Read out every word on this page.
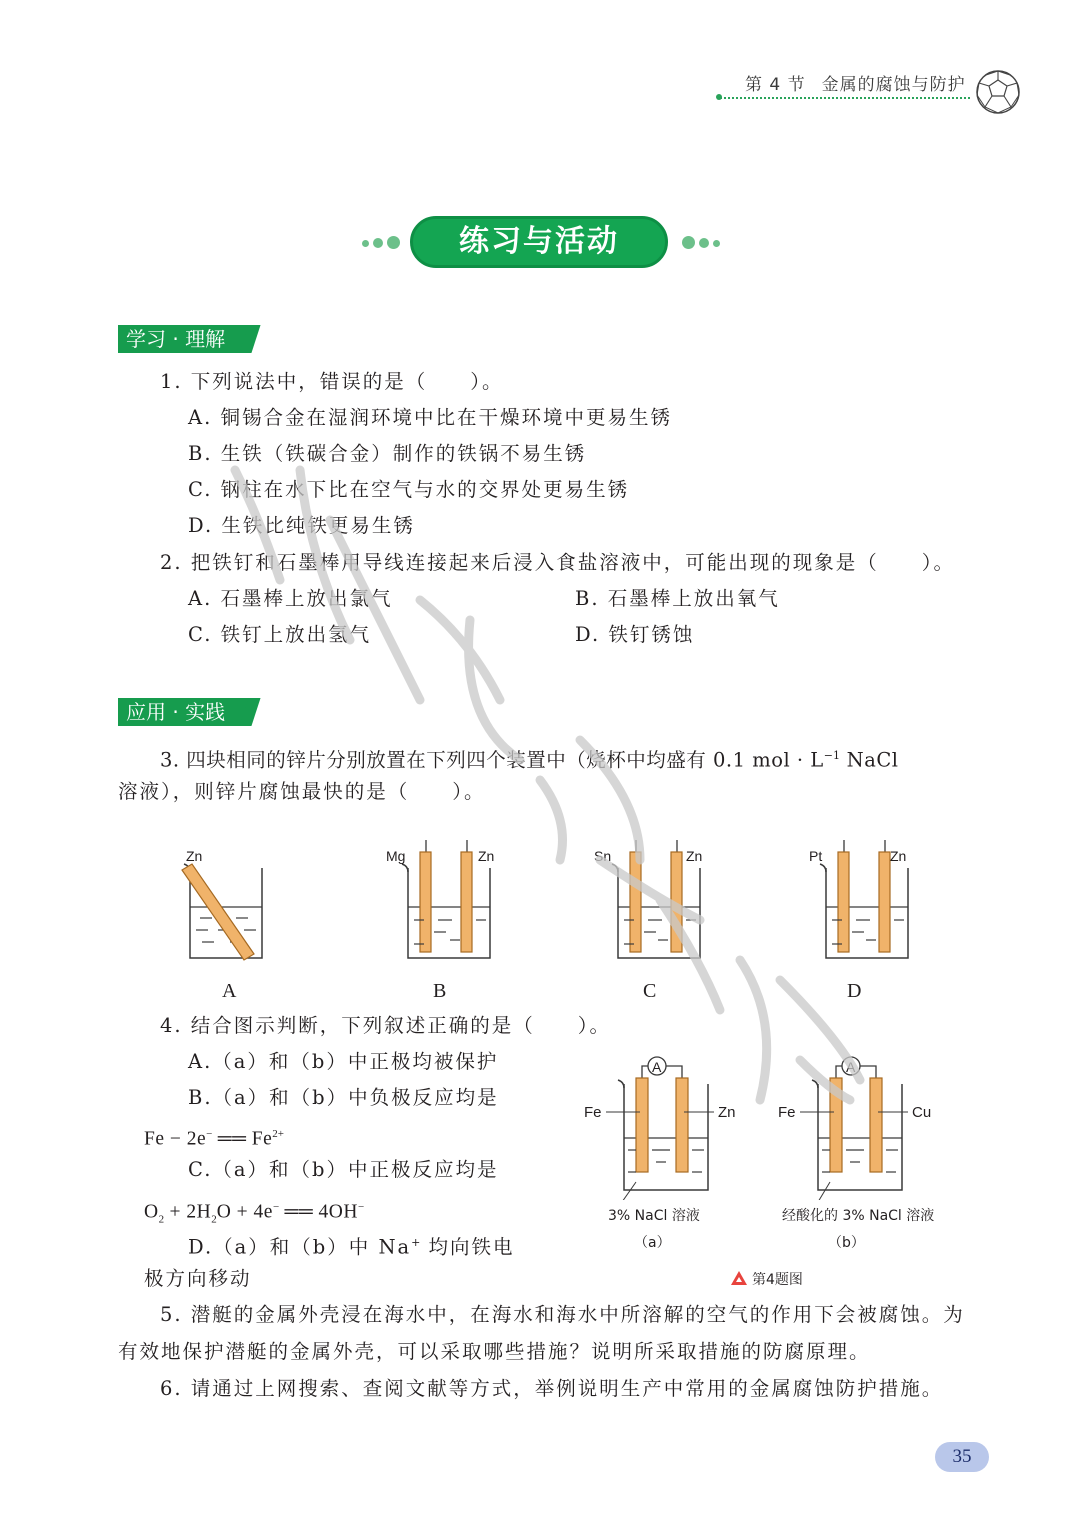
第 4 节 金属的腐蚀与防护
练习与活动
学习 · 理解
1. 下列说法中，错误的是（　　）。
A. 铜锡合金在湿润环境中比在干燥环境中更易生锈
B. 生铁（铁碳合金）制作的铁锅不易生锈
C. 钢柱在水下比在空气与水的交界处更易生锈
D. 生铁比纯铁更易生锈
2. 把铁钉和石墨棒用导线连接起来后浸入食盐溶液中，可能出现的现象是（　　）。
A. 石墨棒上放出氯气	B. 石墨棒上放出氧气
C. 铁钉上放出氢气	D. 铁钉锈蚀
应用 · 实践
3. 四块相同的锌片分别放置在下列四个装置中（烧杯中均盛有 0.1 mol · $L^{-1}$ NaCl
溶液），则锌片腐蚀最快的是（　　）。
Zn	Mg	Zn	Sn	Zn	Pt	Zn
A	B	C	D
4. 结合图示判断，下列叙述正确的是（　　）。
A.（a）和（b）中正极均被保护
B.（a）和（b）中负极反应均是
Fe − 2e− ══ $Fe^{2+}$
C.（a）和（b）中正极反应均是
$O_2 + 2H_2O + 4e^-$ ══ 4OH−
D.（a）和（b）中 Na+ 均向铁电
极方向移动
A	A
Fe	Zn	Fe	Cu
3% NaCl 溶液	经酸化的 3% NaCl 溶液
（a）	（b）
第4题图
5. 潜艇的金属外壳浸在海水中，在海水和海水中所溶解的空气的作用下会被腐蚀。为
有效地保护潜艇的金属外壳，可以采取哪些措施？说明所采取措施的防腐原理。
6. 请通过上网搜索、查阅文献等方式，举例说明生产中常用的金属腐蚀防护措施。
35
